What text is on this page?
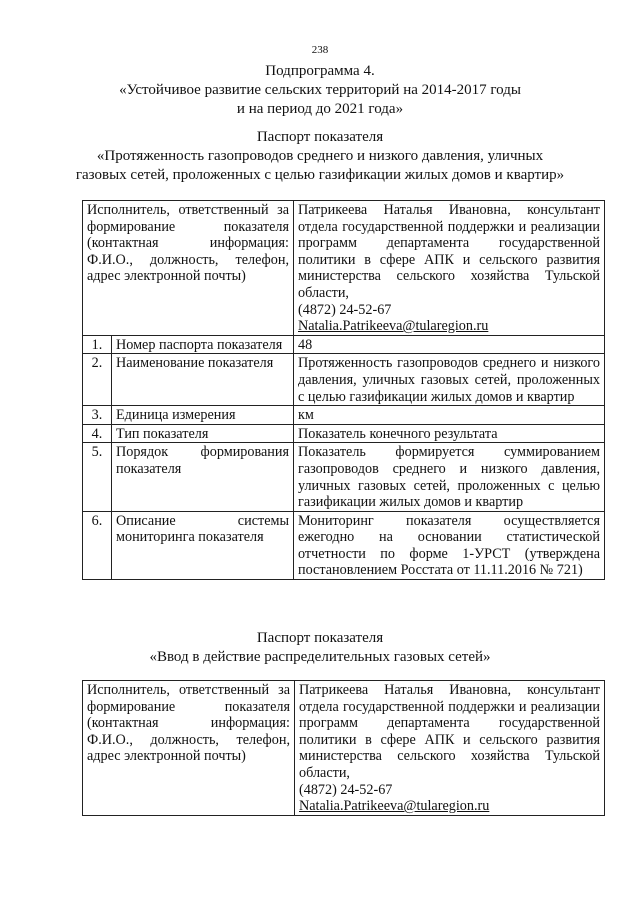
238
Подпрограмма 4.
«Устойчивое развитие сельских территорий на 2014-2017 годы
и на период до 2021 года»
Паспорт показателя
«Протяженность газопроводов среднего и низкого давления, уличных
газовых сетей, проложенных с целью газификации жилых домов и квартир»
Исполнитель, ответственный за формирование показателя (контактная информация: Ф.И.О., должность, телефон, адрес электронной почты)		Патрикеева Наталья Ивановна, консультант отдела государственной поддержки и реализации программ департамента государственной политики в сфере АПК и сельского развития министерства сельского хозяйства Тульской области,
(4872) 24-52-67
Natalia.Patrikeeva@tularegion.ru
1.	Номер паспорта показателя	48
2.	Наименование показателя	Протяженность газопроводов среднего и низкого давления, уличных газовых сетей, проложенных с целью газификации жилых домов и квартир
3.	Единица измерения	км
4.	Тип показателя	Показатель конечного результата
5.	Порядок формирования показателя	Показатель формируется суммированием газопроводов среднего и низкого давления, уличных газовых сетей, проложенных с целью газификации жилых домов и квартир
6.	Описание системы мониторинга показателя	Мониторинг показателя осуществляется ежегодно на основании статистической отчетности по форме 1-УРСТ (утверждена постановлением Росстата от 11.11.2016 № 721)
Паспорт показателя
«Ввод в действие распределительных газовых сетей»
Исполнитель, ответственный за формирование показателя (контактная информация: Ф.И.О., должность, телефон, адрес электронной почты)	Патрикеева Наталья Ивановна, консультант отдела государственной поддержки и реализации программ департамента государственной политики в сфере АПК и сельского развития министерства сельского хозяйства Тульской области,
(4872) 24-52-67
Natalia.Patrikeeva@tularegion.ru
